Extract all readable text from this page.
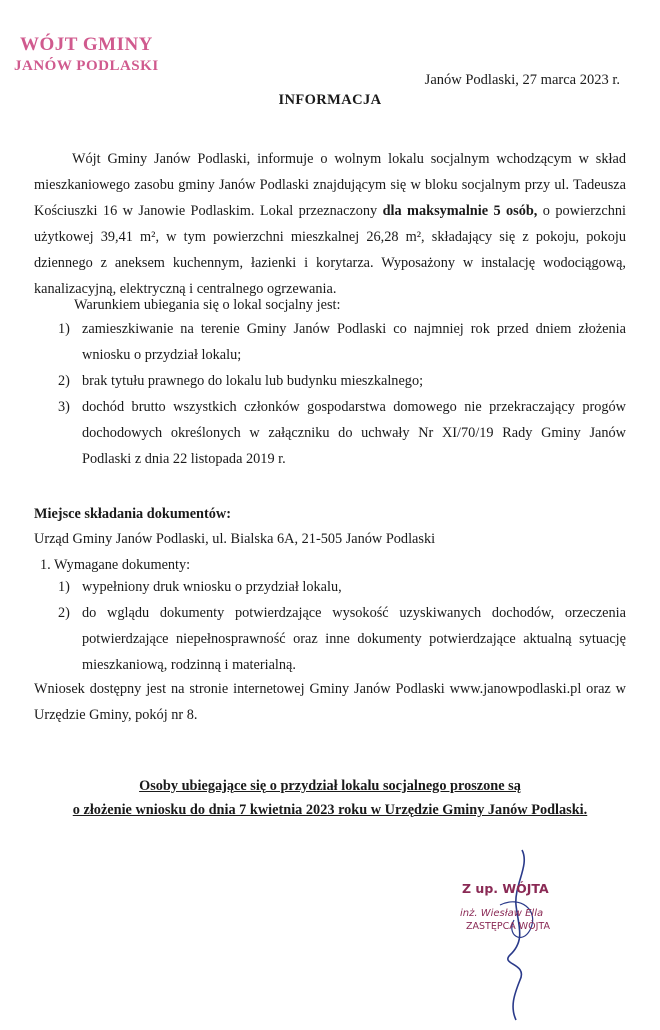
WÓJT GMINY
JANÓW PODLASKI
Janów Podlaski, 27 marca 2023 r.
INFORMACJA

Wójt Gminy Janów Podlaski, informuje o wolnym lokalu socjalnym wchodzącym w skład mieszkaniowego zasobu gminy Janów Podlaski znajdującym się w bloku socjalnym przy ul. Tadeusza Kościuszki 16 w Janowie Podlaskim. Lokal przeznaczony dla maksymalnie 5 osób, o powierzchni użytkowej 39,41 m², w tym powierzchni mieszkalnej 26,28 m², składający się z pokoju, pokoju dziennego z aneksem kuchennym, łazienki i korytarza. Wyposażony w instalację wodociągową, kanalizacyjną, elektryczną i centralnego ogrzewania.

Warunkiem ubiegania się o lokal socjalny jest:
1) zamieszkiwanie na terenie Gminy Janów Podlaski co najmniej rok przed dniem złożenia wniosku o przydział lokalu;
2) brak tytułu prawnego do lokalu lub budynku mieszkalnego;
3) dochód brutto wszystkich członków gospodarstwa domowego nie przekraczający progów dochodowych określonych w załączniku do uchwały Nr XI/70/19 Rady Gminy Janów Podlaski z dnia 22 listopada 2019 r.
Miejsce składania dokumentów:
Urząd Gminy Janów Podlaski, ul. Bialska 6A, 21-505 Janów Podlaski
1. Wymagane dokumenty:
1) wypełniony druk wniosku o przydział lokalu,
2) do wglądu dokumenty potwierdzające wysokość uzyskiwanych dochodów, orzeczenia potwierdzające niepełnosprawność oraz inne dokumenty potwierdzające aktualną sytuację mieszkaniową, rodzinną i materialną.
Wniosek dostępny jest na stronie internetowej Gminy Janów Podlaski www.janowpodlaski.pl oraz w Urzędzie Gminy, pokój nr 8.
Osoby ubiegające się o przydział lokalu socjalnego proszone są
o złożenie wniosku do dnia 7 kwietnia 2023 roku w Urzędzie Gminy Janów Podlaski.
Z up. WÓJTA
inż. Wiesław Ella
ZASTĘPCA WÓJTA
